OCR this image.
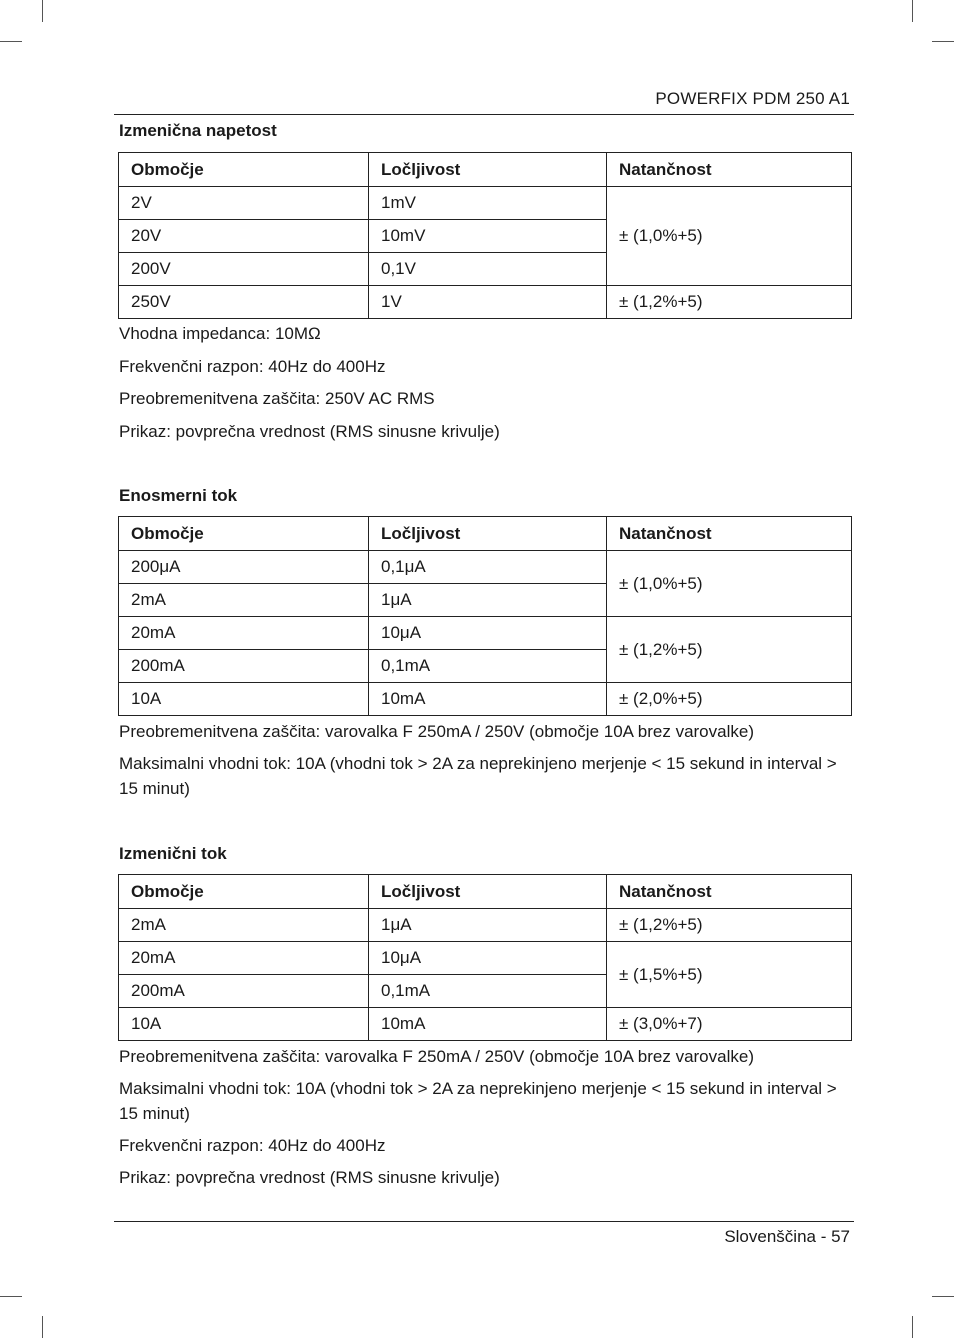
POWERFIX PDM 250 A1
Izmenična napetost
Območje	Ločljivost	Natančnost
2V	1mV	± (1,0%+5)
20V	10mV	
200V	0,1V	
250V	1V	± (1,2%+5)
Vhodna impedanca: 10MΩ
Frekvenčni razpon: 40Hz do 400Hz
Preobremenitvena zaščita: 250V AC RMS
Prikaz: povprečna vrednost (RMS sinusne krivulje)
Enosmerni tok
Območje	Ločljivost	Natančnost
200μA	0,1μA	± (1,0%+5)
2mA	1μA	
20mA	10μA	± (1,2%+5)
200mA	0,1mA	
10A	10mA	± (2,0%+5)
Preobremenitvena zaščita: varovalka F 250mA / 250V (območje 10A brez varovalke)
Maksimalni vhodni tok: 10A (vhodni tok > 2A za neprekinjeno merjenje < 15 sekund in interval > 15 minut)
Izmenični tok
Območje	Ločljivost	Natančnost
2mA	1μA	± (1,2%+5)
20mA	10μA	± (1,5%+5)
200mA	0,1mA	
10A	10mA	± (3,0%+7)
Preobremenitvena zaščita: varovalka F 250mA / 250V (območje 10A brez varovalke)
Maksimalni vhodni tok: 10A (vhodni tok > 2A za neprekinjeno merjenje < 15 sekund in interval > 15 minut)
Frekvenčni razpon: 40Hz do 400Hz
Prikaz: povprečna vrednost (RMS sinusne krivulje)
Slovenščina - 57
